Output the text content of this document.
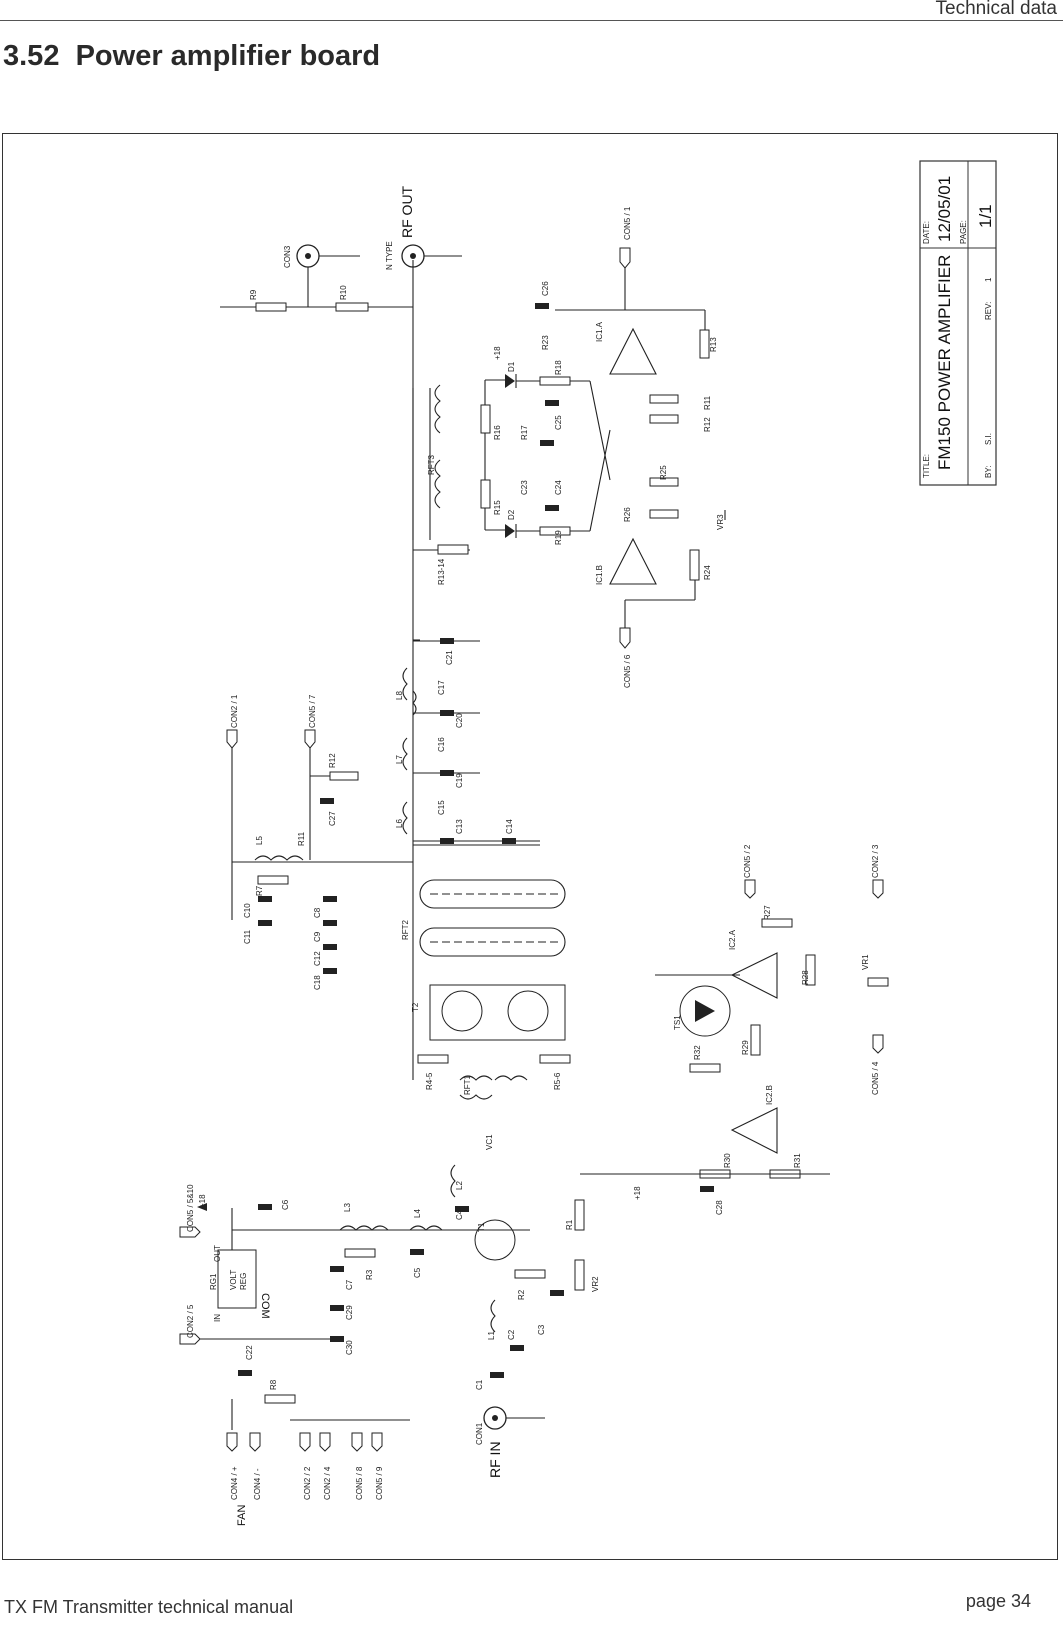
Technical data
3.52 Power amplifier board
TITLE: FM150 POWER AMPLIFIER
BY:
S.I.
REV:
1
DATE: 12/05/01 PAGE:
1/1
CON3
R9	R10
N TYPE
RF OUT
C21
C17
C20
C16
C19
C15
C13	C14
L8
L7
L6
R13-14
RFT3
R16
R15
D1
D2
+18
R18
R17
C25
C23	C24
R19
CON5 / 1
IC1.A
IC1.B
C26
R23	R13
R11
R12
R25
R26	VR3
R24
CON5 / 6
CON2 / 1	CON5 / 7
R12
C27
R11
L5
R7
C10
C11
C8
C9
C12
C18
RFT2
T2
R4-5	R5-6
RFT1
VC1
CON5 / 2	CON2 / 3
CON5 / 4
VR1
IC2.A
IC2.B
R27
R28
TS1
R29
R32
R30	R31
C28
+18
C6	L3
L4	C4
L2
T1
C5
R3
R1
R2
C3
VR2
L1 C2
C1
CON1
RF IN
CON5 / 5&10
CON2 / 5
+18
RG1 VOLT REG
IN
OUT
COM
C7
C29
C30
C22
R8
CON4 / + CON4 / -	CON2 / 2 CON2 / 4	CON5 / 8 CON5 / 9
FAN
TX FM Transmitter technical manual	page 34
